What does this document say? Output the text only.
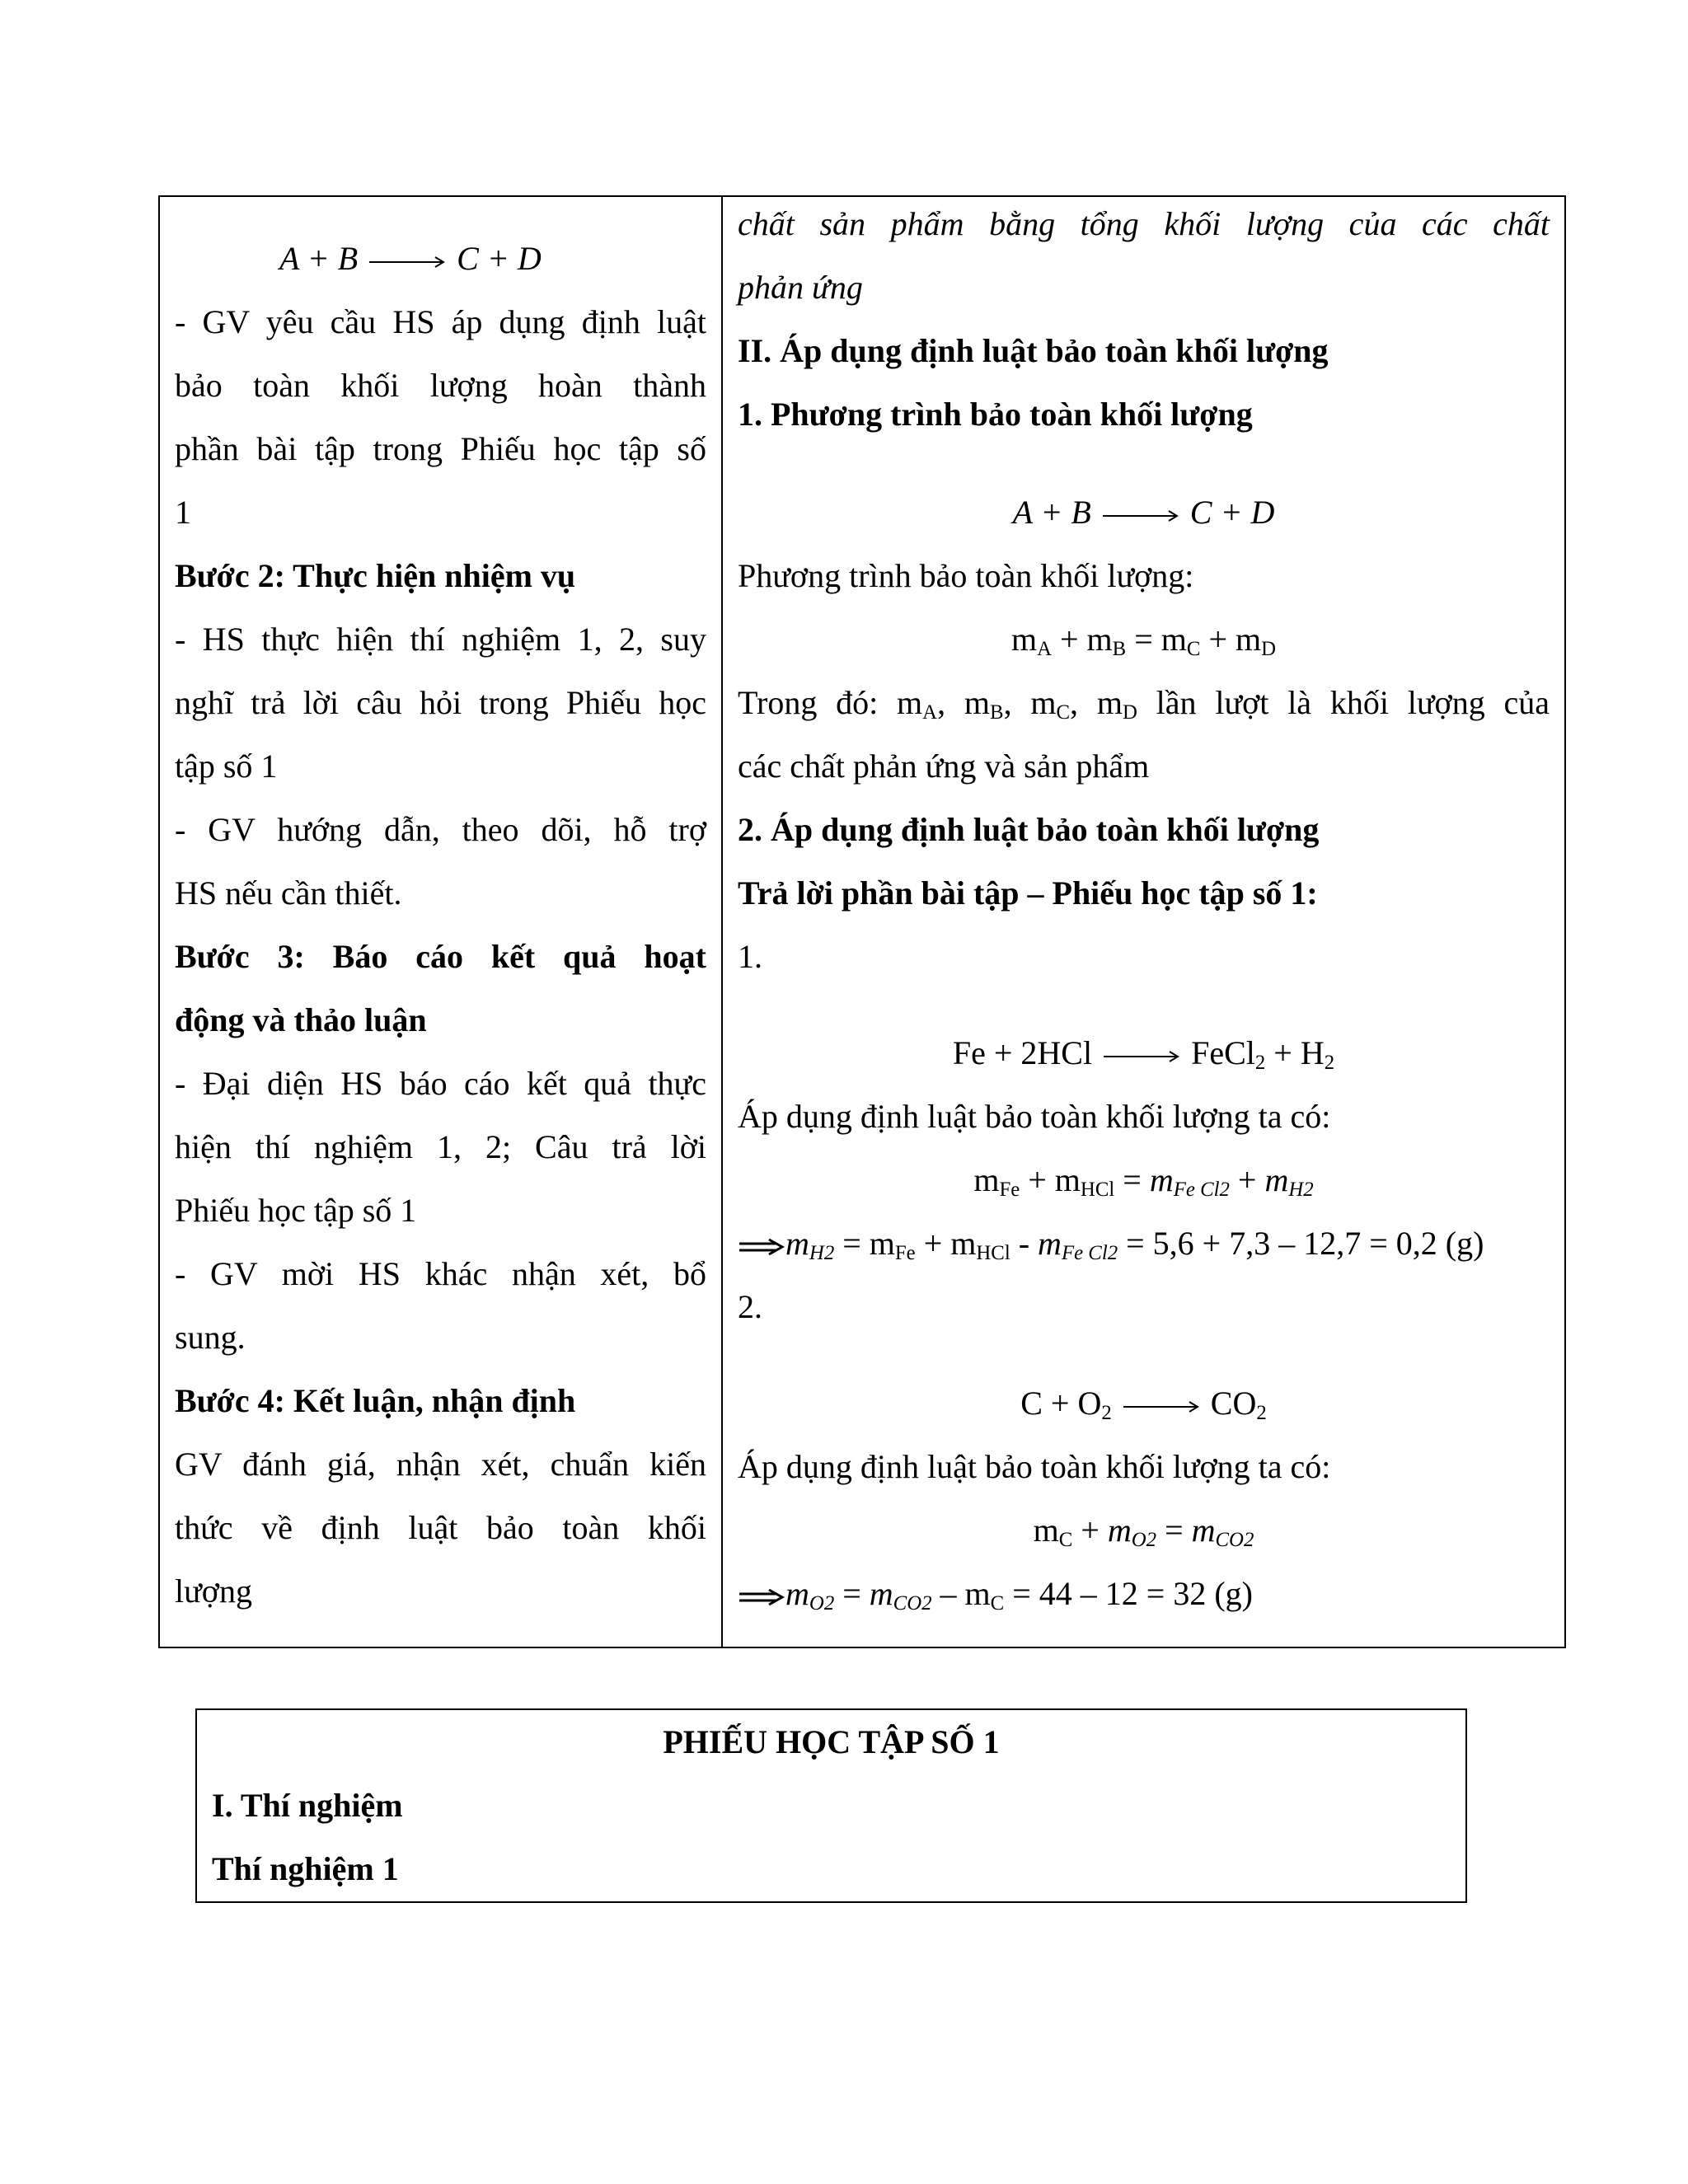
A + B → C + D
- GV yêu cầu HS áp dụng định luật
bảo toàn khối lượng hoàn thành
phần bài tập trong Phiếu học tập số
1
Bước 2: Thực hiện nhiệm vụ
- HS thực hiện thí nghiệm 1, 2, suy
nghĩ trả lời câu hỏi trong Phiếu học
tập số 1
- GV hướng dẫn, theo dõi, hỗ trợ
HS nếu cần thiết.
Bước 3: Báo cáo kết quả hoạt
động và thảo luận
- Đại diện HS báo cáo kết quả thực
hiện thí nghiệm 1, 2; Câu trả lời
Phiếu học tập số 1
- GV mời HS khác nhận xét, bổ
sung.
Bước 4: Kết luận, nhận định
GV đánh giá, nhận xét, chuẩn kiến
thức về định luật bảo toàn khối
lượng
chất sản phẩm bằng tổng khối lượng của các chất
phản ứng
II. Áp dụng định luật bảo toàn khối lượng
1. Phương trình bảo toàn khối lượng
A + B → C + D
Phương trình bảo toàn khối lượng:
$m_A + m_B = m_C + m_D$
Trong đó: $m_A$, $m_B$, $m_C$, $m_D$ lần lượt là khối lượng của
các chất phản ứng và sản phẩm
2. Áp dụng định luật bảo toàn khối lượng
Trả lời phần bài tập – Phiếu học tập số 1:
1.
Fe + 2HCl → FeCl$_2$ + $H_2$
Áp dụng định luật bảo toàn khối lượng ta có:
$m_{Fe} + m_{HCl} = m_{Fe Cl2} + m_{H2}$
$m_{H2} = m_{Fe} + m_{HCl} - m_{Fe Cl2} = 5,6 + 7,3 - 12,7 = 0,2$ (g)
2.
$C + O_2 \to CO_2$
Áp dụng định luật bảo toàn khối lượng ta có:
$m_C + m_{O2} = m_{CO2}$
$m_{O2} = m_{CO2} - m_C = 44 - 12 = 32$ (g)
PHIẾU HỌC TẬP SỐ 1
I. Thí nghiệm
Thí nghiệm 1
